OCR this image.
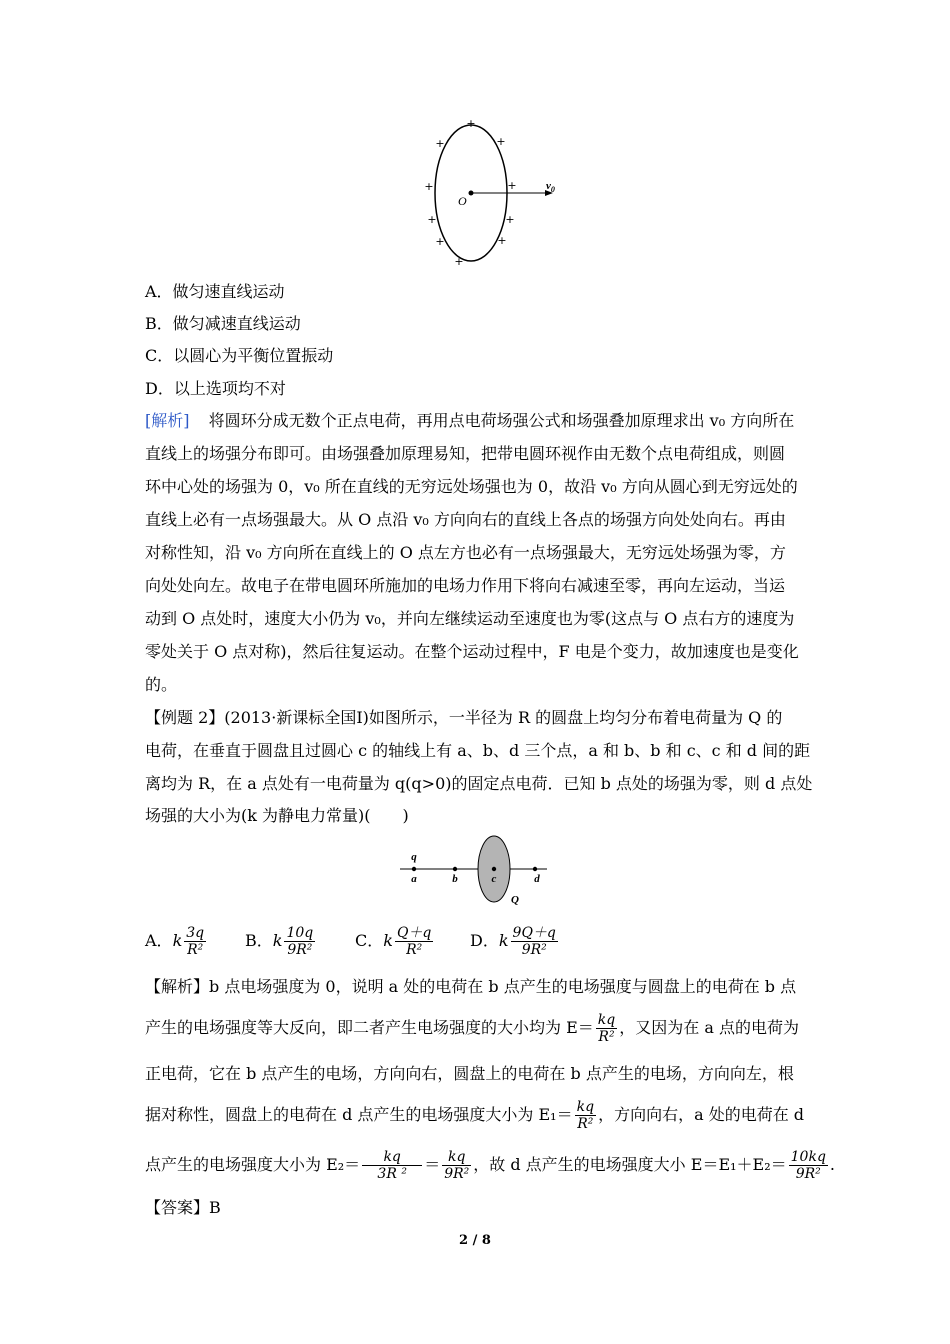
O
$v_0$
+
+	+
+	+
+	+
+	+
+
A．做匀速直线运动
B．做匀减速直线运动
C．以圆心为平衡位置振动
D．以上选项均不对
[解析] 将圆环分成无数个正点电荷，再用点电荷场强公式和场强叠加原理求出 v₀ 方向所在
直线上的场强分布即可。由场强叠加原理易知，把带电圆环视作由无数个点电荷组成，则圆
环中心处的场强为 0，v₀ 所在直线的无穷远处场强也为 0，故沿 v₀ 方向从圆心到无穷远处的
直线上必有一点场强最大。从 O 点沿 v₀ 方向向右的直线上各点的场强方向处处向右。再由
对称性知，沿 v₀ 方向所在直线上的 O 点左方也必有一点场强最大，无穷远处场强为零，方
向处处向左。故电子在带电圆环所施加的电场力作用下将向右减速至零，再向左运动，当运
动到 O 点处时，速度大小仍为 v₀，并向左继续运动至速度也为零(这点与 O 点右方的速度为
零处关于 O 点对称)，然后往复运动。在整个运动过程中，F 电是个变力，故加速度也是变化
的。
【例题 2】(2013·新课标全国Ⅰ)如图所示，一半径为 R 的圆盘上均匀分布着电荷量为 Q 的
电荷，在垂直于圆盘且过圆心 c 的轴线上有 a、b、d 三个点，a 和 b、b 和 c、c 和 d 间的距
离均为 R，在 a 点处有一电荷量为 q(q>0)的固定点电荷．已知 b 点处的场强为零，则 d 点处
场强的大小为(k 为静电力常量)(　　)
q
a	b	c	d
Q
A．k $\frac{3q}{\text{R²}}$ B．k $\frac{10q}{\text{9R²}}$ C．k $\frac{Q+q}{\text{R²}}$ D．k $\frac{9Q+q}{\text{9R²}}$
【解析】b 点电场强度为 0，说明 a 处的电荷在 b 点产生的电场强度与圆盘上的电荷在 b 点
产生的电场强度等大反向，即二者产生电场强度的大小均为 $E= \frac{kq}{\text{R²}}$ ，又因为在 a 点的电荷为
正电荷，它在 b 点产生的电场，方向向右，圆盘上的电荷在 b 点产生的电场，方向向左，根
据对称性，圆盘上的电荷在 d 点产生的电场强度大小为 $E_1= \frac{kq}{\text{R²}}$ ，方向向右，a 处的电荷在 d
点产生的电场强度大小为 $E_2= \frac{kq}{\text{3R ²}} = \frac{kq}{\text{9R²}}$ ，故 d 点产生的电场强度大小 $E=E_1+E_2= \frac{10kq}{\text{9R²}}$ .
【答案】B
2 / 8
